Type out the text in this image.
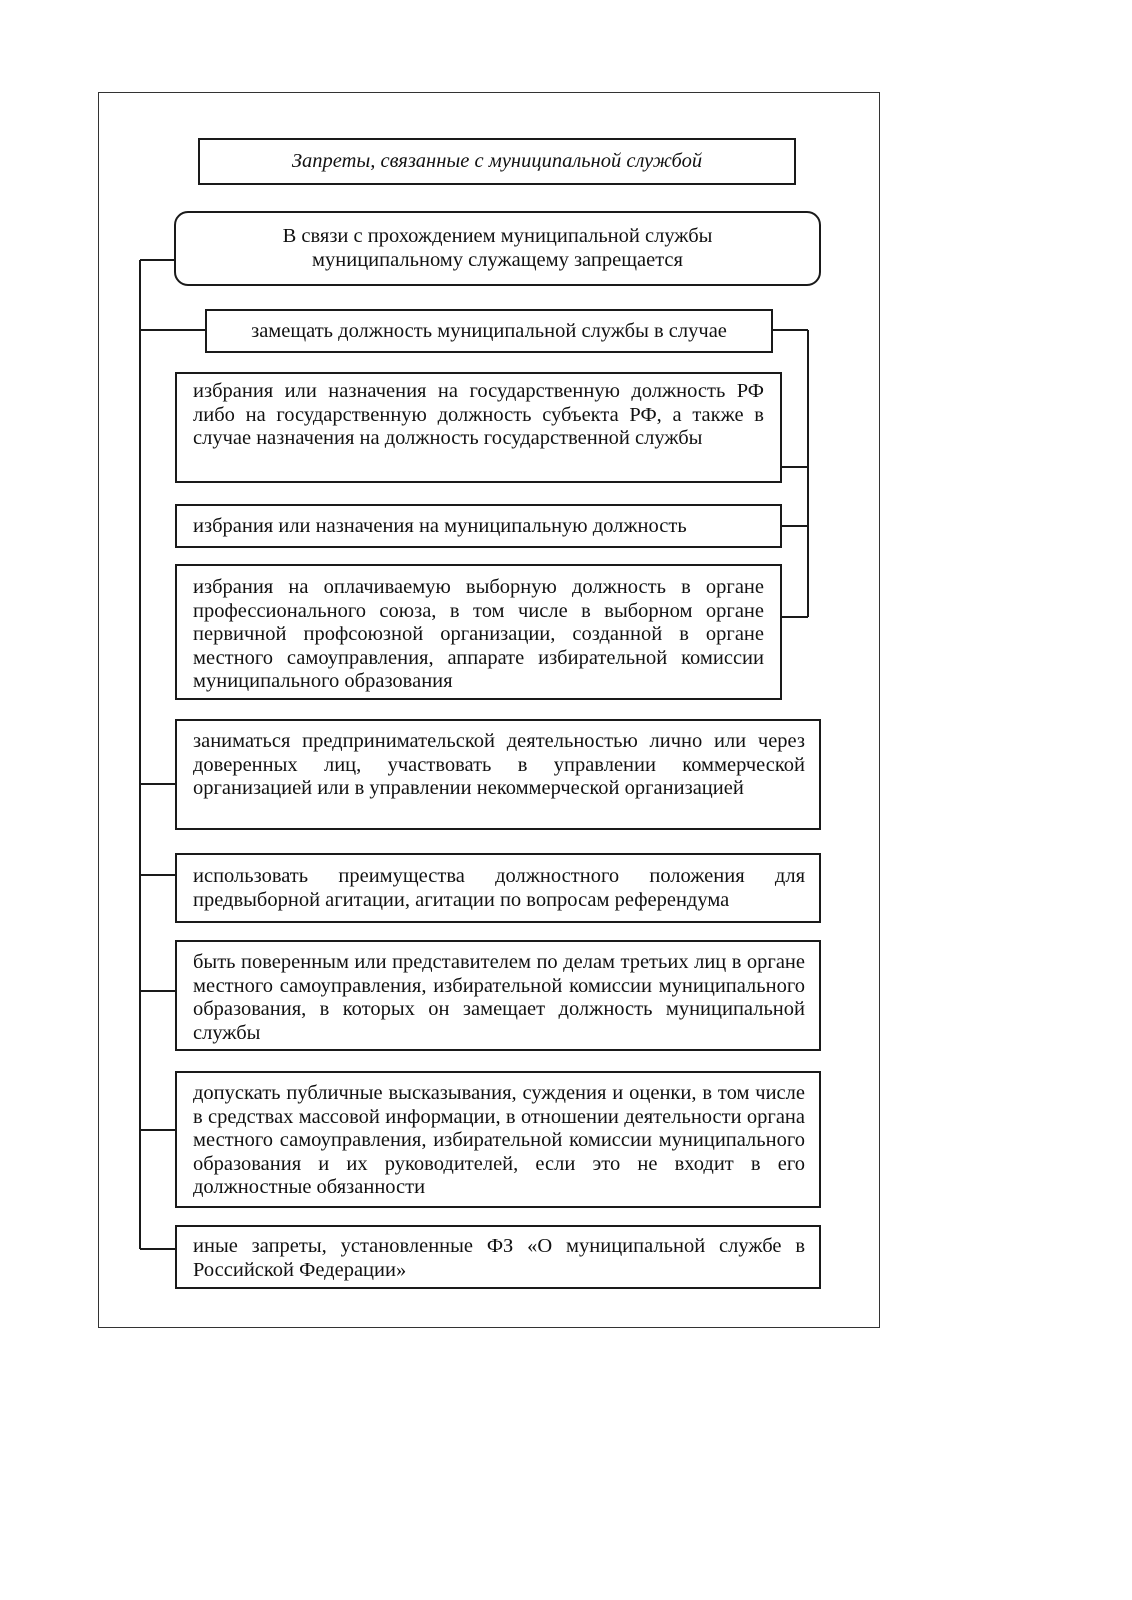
Запреты, связанные с муниципальной службой
В связи с прохождением муниципальной службы муниципальному служащему запрещается
замещать должность муниципальной службы в случае
избрания или назначения на государственную должность РФ либо на государственную должность субъекта РФ, а также в случае назначения на должность государственной службы
избрания или назначения на муниципальную должность
избрания на оплачиваемую выборную должность в органе профессионального союза, в том числе в выборном органе первичной профсоюзной организации, созданной в органе местного самоуправления, аппарате избирательной комиссии муниципального образования
заниматься предпринимательской деятельностью лично или через доверенных лиц, участвовать в управлении коммерческой организацией или в управлении некоммерческой организацией
использовать преимущества должностного положения для предвыборной агитации, агитации по вопросам референдума
быть поверенным или представителем по делам третьих лиц в органе местного самоуправления, избирательной комиссии муниципального образования, в которых он замещает должность муниципальной службы
допускать публичные высказывания, суждения и оценки, в том числе в средствах массовой информации, в отношении деятельности органа местного самоуправления, избирательной комиссии муниципального образования и их руководителей, если это не входит в его должностные обязанности
иные запреты, установленные ФЗ «О муниципальной службе в Российской Федерации»
